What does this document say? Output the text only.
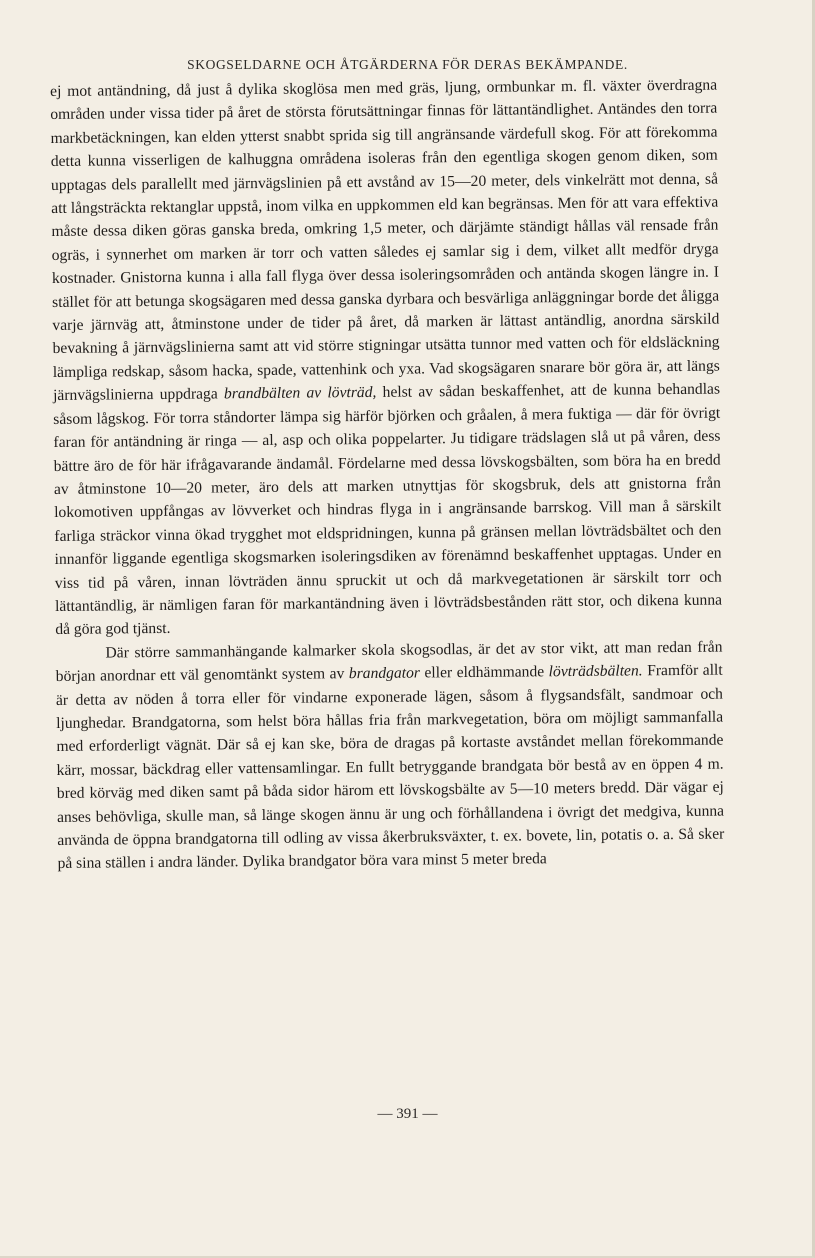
SKOGSELDARNE OCH ÅTGÄRDERNA FÖR DERAS BEKÄMPANDE.

ej mot antändning, då just å dylika skoglösa men med gräs, ljung, ormbunkar m. fl. växter överdragna områden under vissa tider på året de största förutsättningar finnas för lättantändlighet. Antändes den torra markbetäckningen, kan elden ytterst snabbt sprida sig till angränsande värdefull skog. För att förekomma detta kunna visserligen de kalhuggna områdena isoleras från den egentliga skogen genom diken, som upptagas dels parallellt med järnvägslinien på ett avstånd av 15—20 meter, dels vinkelrätt mot denna, så att långsträckta rektanglar uppstå, inom vilka en uppkommen eld kan begränsas. Men för att vara effektiva måste dessa diken göras ganska breda, omkring 1,5 meter, och därjämte ständigt hållas väl rensade från ogräs, i synnerhet om marken är torr och vatten således ej samlar sig i dem, vilket allt medför dryga kostnader. Gnistorna kunna i alla fall flyga över dessa isoleringsområden och antända skogen längre in. I stället för att betunga skogsägaren med dessa ganska dyrbara och besvärliga anläggningar borde det åligga varje järnväg att, åtminstone under de tider på året, då marken är lättast antändlig, anordna särskild bevakning å järnvägslinierna samt att vid större stigningar utsätta tunnor med vatten och för eldsläckning lämpliga redskap, såsom hacka, spade, vattenhink och yxa. Vad skogsägaren snarare bör göra är, att längs järnvägslinierna uppdraga brandbälten av lövträd, helst av sådan beskaffenhet, att de kunna behandlas såsom lågskog. För torra ståndorter lämpa sig härför björken och gråalen, å mera fuktiga — där för övrigt faran för antändning är ringa — al, asp och olika poppelarter. Ju tidigare trädslagen slå ut på våren, dess bättre äro de för här ifrågavarande ändamål. Fördelarne med dessa lövskogsbälten, som böra ha en bredd av åtminstone 10—20 meter, äro dels att marken utnyttjas för skogsbruk, dels att gnistorna från lokomotiven uppfångas av lövverket och hindras flyga in i angränsande barrskog. Vill man å särskilt farliga sträckor vinna ökad trygghet mot eldspridningen, kunna på gränsen mellan lövträdsbältet och den innanför liggande egentliga skogsmarken isoleringsdiken av förenämnd beskaffenhet upptagas. Under en viss tid på våren, innan lövträden ännu spruckit ut och då markvegetationen är särskilt torr och lättantändlig, är nämligen faran för markantändning även i lövträdsbestånden rätt stor, och dikena kunna då göra god tjänst.

Där större sammanhängande kalmarker skola skogsodlas, är det av stor vikt, att man redan från början anordnar ett väl genomtänkt system av brandgator eller eldhämmande lövträdsbälten. Framför allt är detta av nöden å torra eller för vindarne exponerade lägen, såsom å flygsandsfält, sandmoar och ljunghedar. Brandgatorna, som helst böra hållas fria från markvegetation, böra om möjligt sammanfalla med erforderligt vägnät. Där så ej kan ske, böra de dragas på kortaste avståndet mellan förekommande kärr, mossar, bäckdrag eller vattensamlingar. En fullt betryggande brandgata bör bestå av en öppen 4 m. bred körväg med diken samt på båda sidor härom ett lövskogsbälte av 5—10 meters bredd. Där vägar ej anses behövliga, skulle man, så länge skogen ännu är ung och förhållandena i övrigt det medgiva, kunna använda de öppna brandgatorna till odling av vissa åkerbruksväxter, t. ex. bovete, lin, potatis o. a. Så sker på sina ställen i andra länder. Dylika brandgator böra vara minst 5 meter breda

— 391 —
